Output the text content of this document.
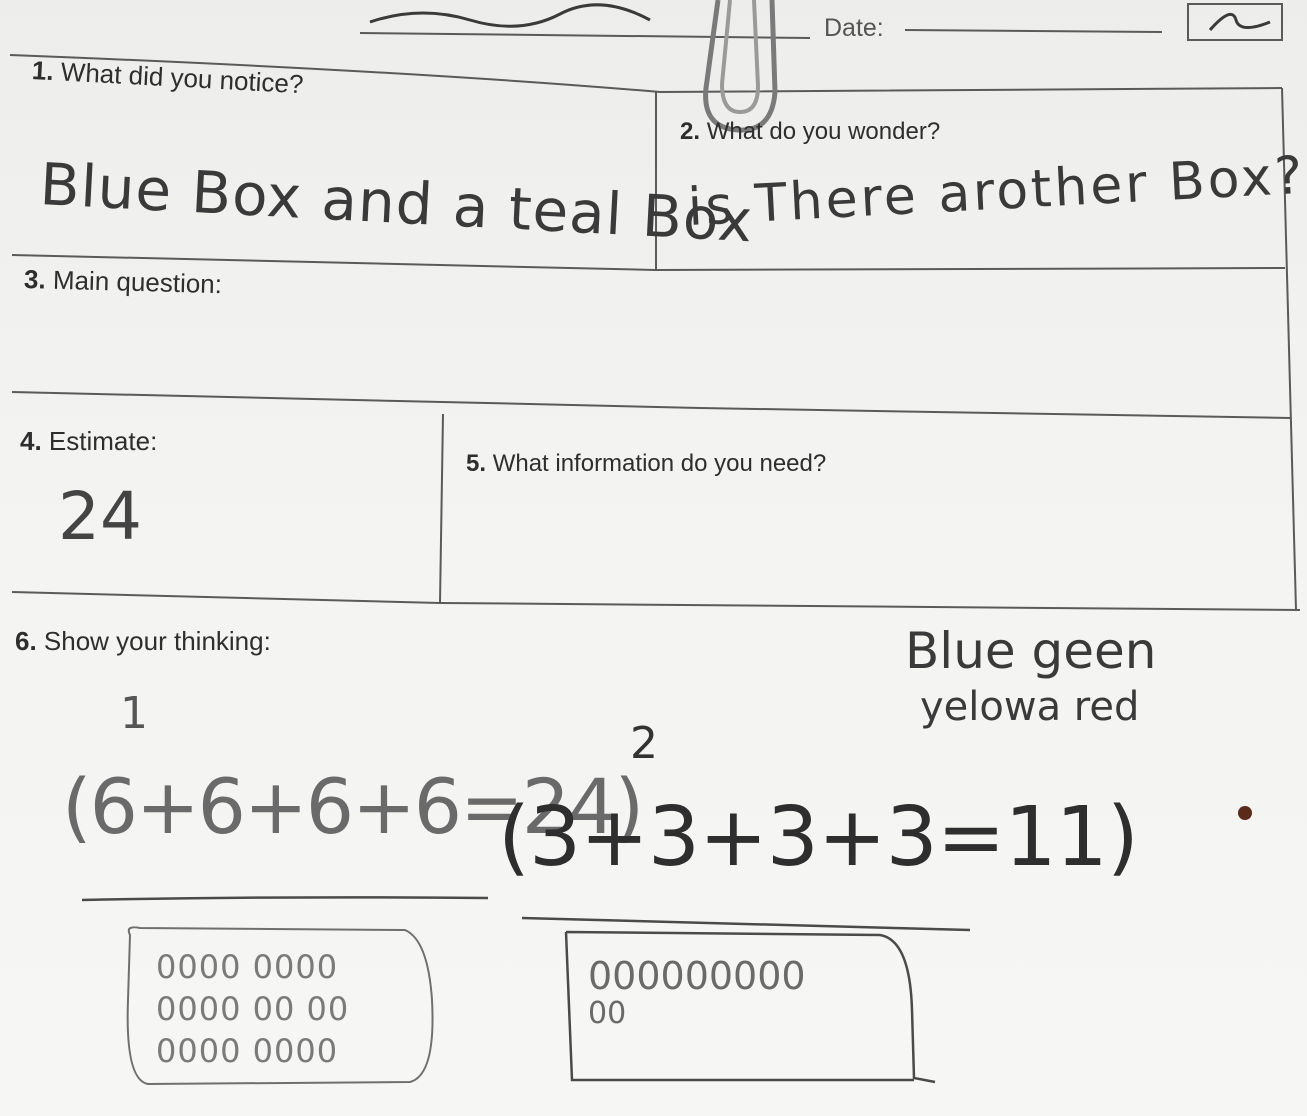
1. What did you notice?
2. What do you wonder?
3. Main question:
4. Estimate:
5. What information do you need?
6. Show your thinking:
Date:
Blue Box and a teal Box
is There arother Box?
24
Blue geen
yelowa red
1
2
(6+6+6+6=24)
(3+3+3+3=11)
0000 0000
0000 00 00
0000 0000
000000000
00
